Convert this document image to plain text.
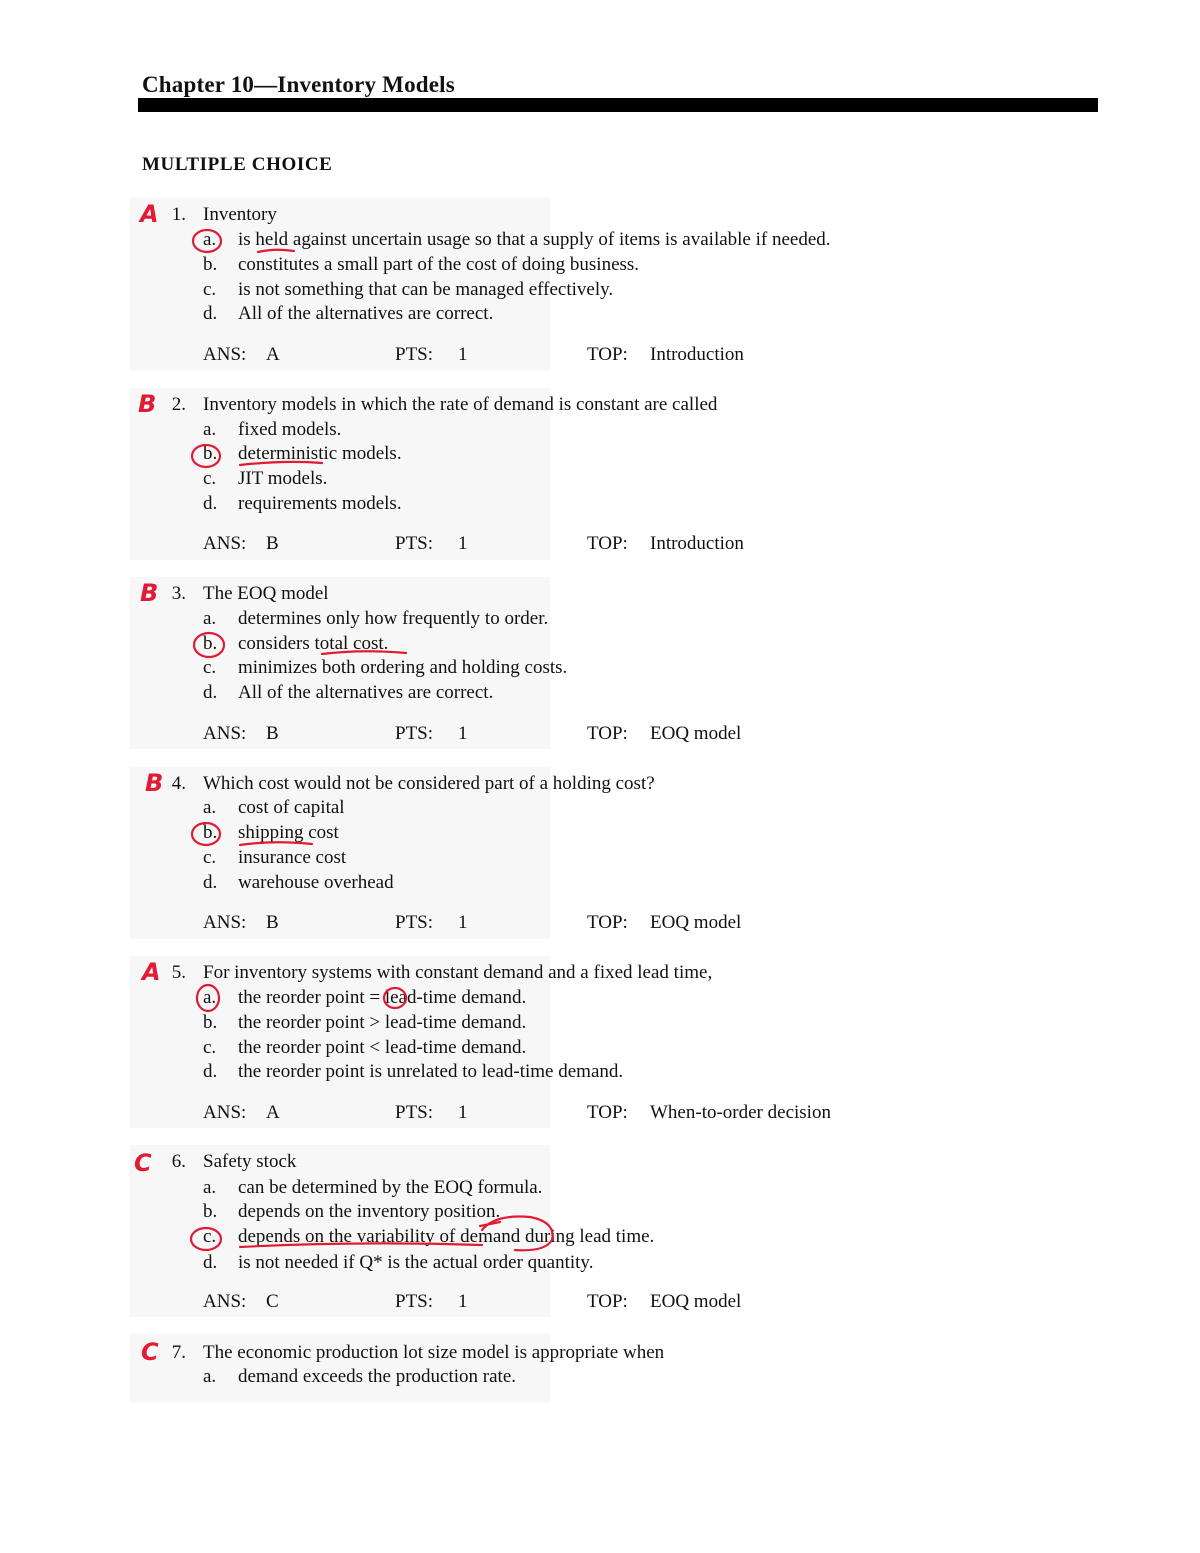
Chapter 10—Inventory Models
MULTIPLE CHOICE
A 1. Inventory
a.	is held against uncertain usage so that a supply of items is available if needed.
b.	constitutes a small part of the cost of doing business.
c.	is not something that can be managed effectively.
d.	All of the alternatives are correct.
ANS: A	PTS: 1	TOP: Introduction
B 2. Inventory models in which the rate of demand is constant are called
a.	fixed models.
b.	deterministic models.
c.	JIT models.
d.	requirements models.
ANS: B	PTS: 1	TOP: Introduction
B 3. The EOQ model
a.	determines only how frequently to order.
b.	considers total cost.
c.	minimizes both ordering and holding costs.
d.	All of the alternatives are correct.
ANS: B	PTS: 1	TOP: EOQ model
B 4. Which cost would not be considered part of a holding cost?
a.	cost of capital
b.	shipping cost
c.	insurance cost
d.	warehouse overhead
ANS: B	PTS: 1	TOP: EOQ model
A 5. For inventory systems with constant demand and a fixed lead time,
a.	the reorder point = lead-time demand.
b.	the reorder point > lead-time demand.
c.	the reorder point < lead-time demand.
d.	the reorder point is unrelated to lead-time demand.
ANS: A	PTS: 1	TOP: When-to-order decision
C	6. Safety stock
a.	can be determined by the EOQ formula.
b.	depends on the inventory position.
c.	depends on the variability of demand during lead time.
d.	is not needed if Q* is the actual order quantity.
ANS: C	PTS: 1	TOP: EOQ model
C 7. The economic production lot size model is appropriate when
a.	demand exceeds the production rate.
